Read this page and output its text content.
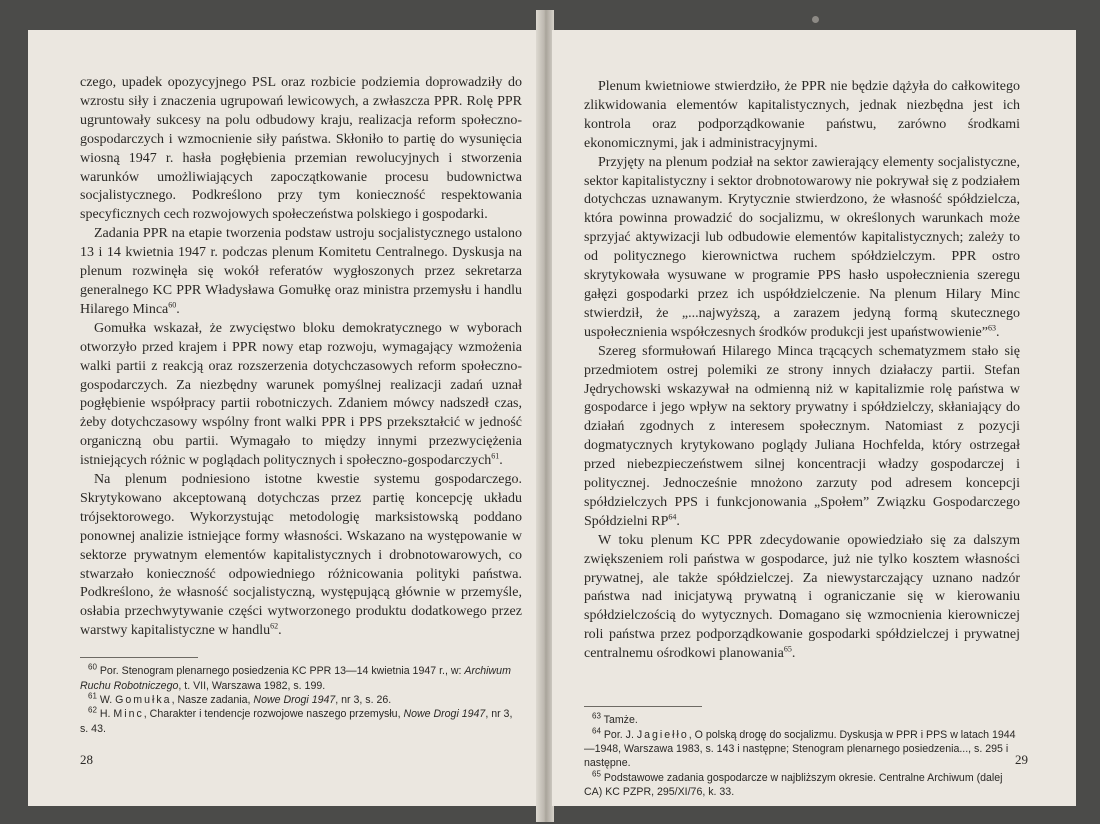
czego, upadek opozycyjnego PSL oraz rozbicie podziemia doprowadziły do wzrostu siły i znaczenia ugrupowań lewicowych, a zwłaszcza PPR. Rolę PPR ugruntowały sukcesy na polu odbudowy kraju, realizacja reform społeczno-gospodarczych i wzmocnienie siły państwa. Skłoniło to partię do wysunięcia wiosną 1947 r. hasła pogłębienia przemian rewolucyjnych i stworzenia warunków umożliwiających zapoczątkowanie procesu budownictwa socjalistycznego. Podkreślono przy tym konieczność respektowania specyficznych cech rozwojowych społeczeństwa polskiego i gospodarki.

Zadania PPR na etapie tworzenia podstaw ustroju socjalistycznego ustalono 13 i 14 kwietnia 1947 r. podczas plenum Komitetu Centralnego. Dyskusja na plenum rozwinęła się wokół referatów wygłoszonych przez sekretarza generalnego KC PPR Władysława Gomułkę oraz ministra przemysłu i handlu Hilarego Minca$^{60}$.

Gomułka wskazał, że zwycięstwo bloku demokratycznego w wyborach otworzyło przed krajem i PPR nowy etap rozwoju, wymagający wzmożenia walki partii z reakcją oraz rozszerzenia dotychczasowych reform społeczno-gospodarczych. Za niezbędny warunek pomyślnej realizacji zadań uznał pogłębienie współpracy partii robotniczych. Zdaniem mówcy nadszedł czas, żeby dotychczasowy wspólny front walki PPR i PPS przekształcić w jedność organiczną obu partii. Wymagało to między innymi przezwyciężenia istniejących różnic w poglądach politycznych i społeczno-gospodarczych$^{61}$.

Na plenum podniesiono istotne kwestie systemu gospodarczego. Skrytykowano akceptowaną dotychczas przez partię koncepcję układu trójsektorowego. Wykorzystując metodologię marksistowską poddano ponownej analizie istniejące formy własności. Wskazano na występowanie w sektorze prywatnym elementów kapitalistycznych i drobnotowarowych, co stwarzało konieczność odpowiedniego różnicowania polityki państwa. Podkreślono, że własność socjalistyczną, występującą głównie w przemyśle, osłabia przechwytywanie części wytworzonego produktu dodatkowego przez warstwy kapitalistyczne w handlu$^{62}$.

$^{60}$ Por. Stenogram plenarnego posiedzenia KC PPR 13—14 kwietnia 1947 r., w: Archiwum Ruchu Robotniczego, t. VII, Warszawa 1982, s. 199.
$^{61}$ W. Gomułka, Nasze zadania, Nowe Drogi 1947, nr 3, s. 26.
$^{62}$ H. Minc, Charakter i tendencje rozwojowe naszego przemysłu, Nowe Drogi 1947, nr 3, s. 43.
28

Plenum kwietniowe stwierdziło, że PPR nie będzie dążyła do całkowitego zlikwidowania elementów kapitalistycznych, jednak niezbędna jest ich kontrola oraz podporządkowanie państwu, zarówno środkami ekonomicznymi, jak i administracyjnymi.

Przyjęty na plenum podział na sektor zawierający elementy socjalistyczne, sektor kapitalistyczny i sektor drobnotowarowy nie pokrywał się z podziałem dotychczas uznawanym. Krytycznie stwierdzono, że własność spółdzielcza, która powinna prowadzić do socjalizmu, w określonych warunkach może sprzyjać aktywizacji lub odbudowie elementów kapitalistycznych; zależy to od politycznego kierownictwa ruchem spółdzielczym. PPR ostro skrytykowała wysuwane w programie PPS hasło uspołecznienia szeregu gałęzi gospodarki przez ich uspółdzielczenie. Na plenum Hilary Minc stwierdził, że „...najwyższą, a zarazem jedyną formą skutecznego uspołecznienia współczesnych środków produkcji jest upaństwowienie”$^{63}$.

Szereg sformułowań Hilarego Minca trącących schematyzmem stało się przedmiotem ostrej polemiki ze strony innych działaczy partii. Stefan Jędrychowski wskazywał na odmienną niż w kapitalizmie rolę państwa w gospodarce i jego wpływ na sektory prywatny i spółdzielczy, skłaniający do działań zgodnych z interesem społecznym. Natomiast z pozycji dogmatycznych krytykowano poglądy Juliana Hochfelda, który ostrzegał przed niebezpieczeństwem silnej koncentracji władzy gospodarczej i politycznej. Jednocześnie mnożono zarzuty pod adresem koncepcji spółdzielczych PPS i funkcjonowania „Społem” Związku Gospodarczego Spółdzielni RP$^{64}$.

W toku plenum KC PPR zdecydowanie opowiedziało się za dalszym zwiększeniem roli państwa w gospodarce, już nie tylko kosztem własności prywatnej, ale także spółdzielczej. Za niewystarczający uznano nadzór państwa nad inicjatywą prywatną i ograniczanie się w kierowaniu spółdzielczością do wytycznych. Domagano się wzmocnienia kierowniczej roli państwa przez podporządkowanie gospodarki spółdzielczej i prywatnej centralnemu ośrodkowi planowania$^{65}$.

$^{63}$ Tamże.
$^{64}$ Por. J. Jagiełło, O polską drogę do socjalizmu. Dyskusja w PPR i PPS w latach 1944—1948, Warszawa 1983, s. 143 i następne; Stenogram plenarnego posiedzenia..., s. 295 i następne.
$^{65}$ Podstawowe zadania gospodarcze w najbliższym okresie. Centralne Archiwum (dalej CA) KC PZPR, 295/XI/76, k. 33.
29
